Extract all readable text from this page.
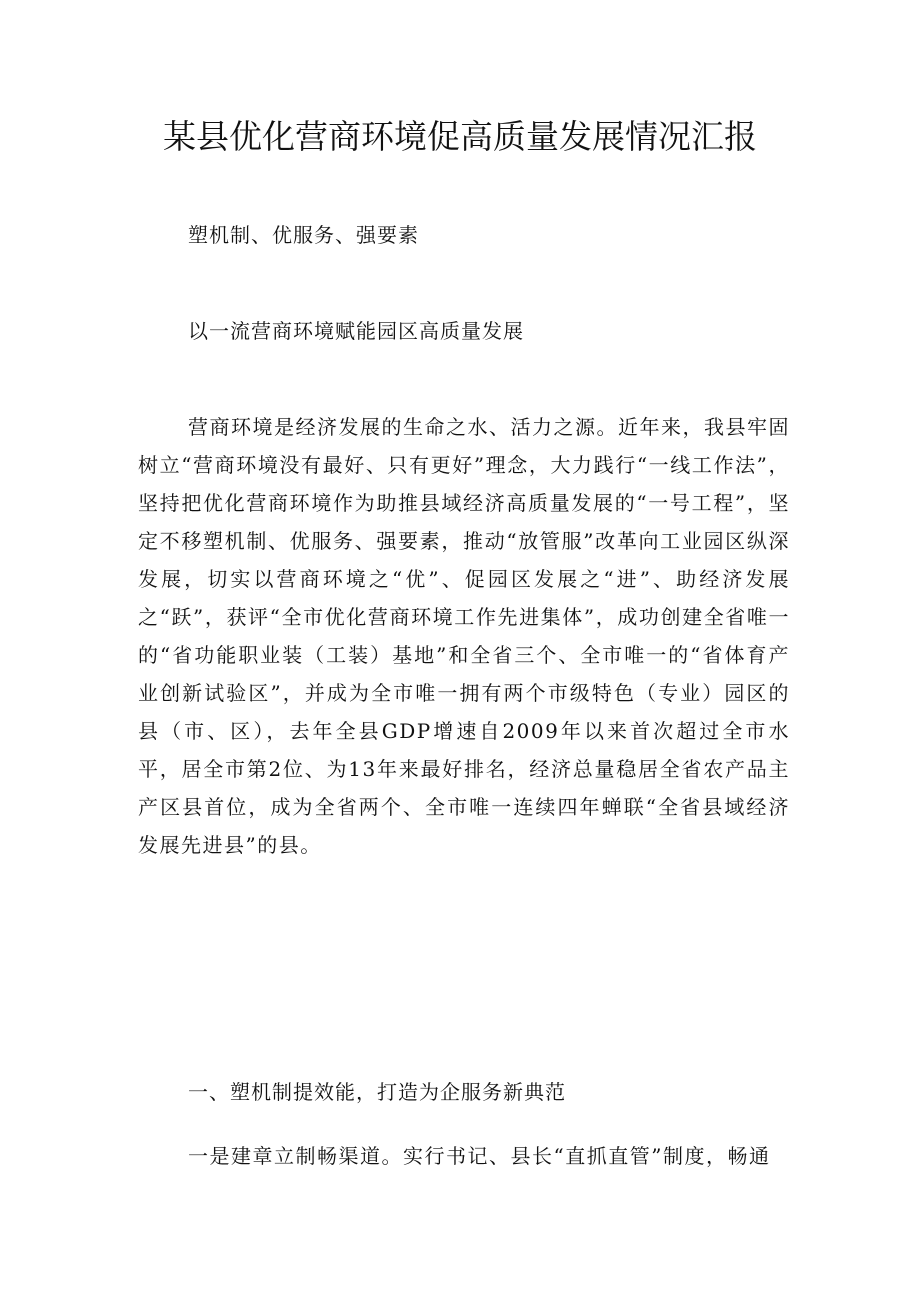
某县优化营商环境促高质量发展情况汇报

塑机制、优服务、强要素

以一流营商环境赋能园区高质量发展

营商环境是经济发展的生命之水、活力之源。近年来，我县牢固树立“营商环境没有最好、只有更好”理念，大力践行“一线工作法”，坚持把优化营商环境作为助推县域经济高质量发展的“一号工程”，坚定不移塑机制、优服务、强要素，推动“放管服”改革向工业园区纵深发展，切实以营商环境之“优”、促园区发展之“进”、助经济发展之“跃”，获评“全市优化营商环境工作先进集体”，成功创建全省唯一的“省功能职业装（工装）基地”和全省三个、全市唯一的“省体育产业创新试验区”，并成为全市唯一拥有两个市级特色（专业）园区的县（市、区），去年全县GDP增速自2009年以来首次超过全市水平，居全市第2位、为13年来最好排名，经济总量稳居全省农产品主产区县首位，成为全省两个、全市唯一连续四年蝉联“全省县域经济发展先进县”的县。

一、塑机制提效能，打造为企服务新典范

一是建章立制畅渠道。实行书记、县长“直抓直管”制度，畅通
